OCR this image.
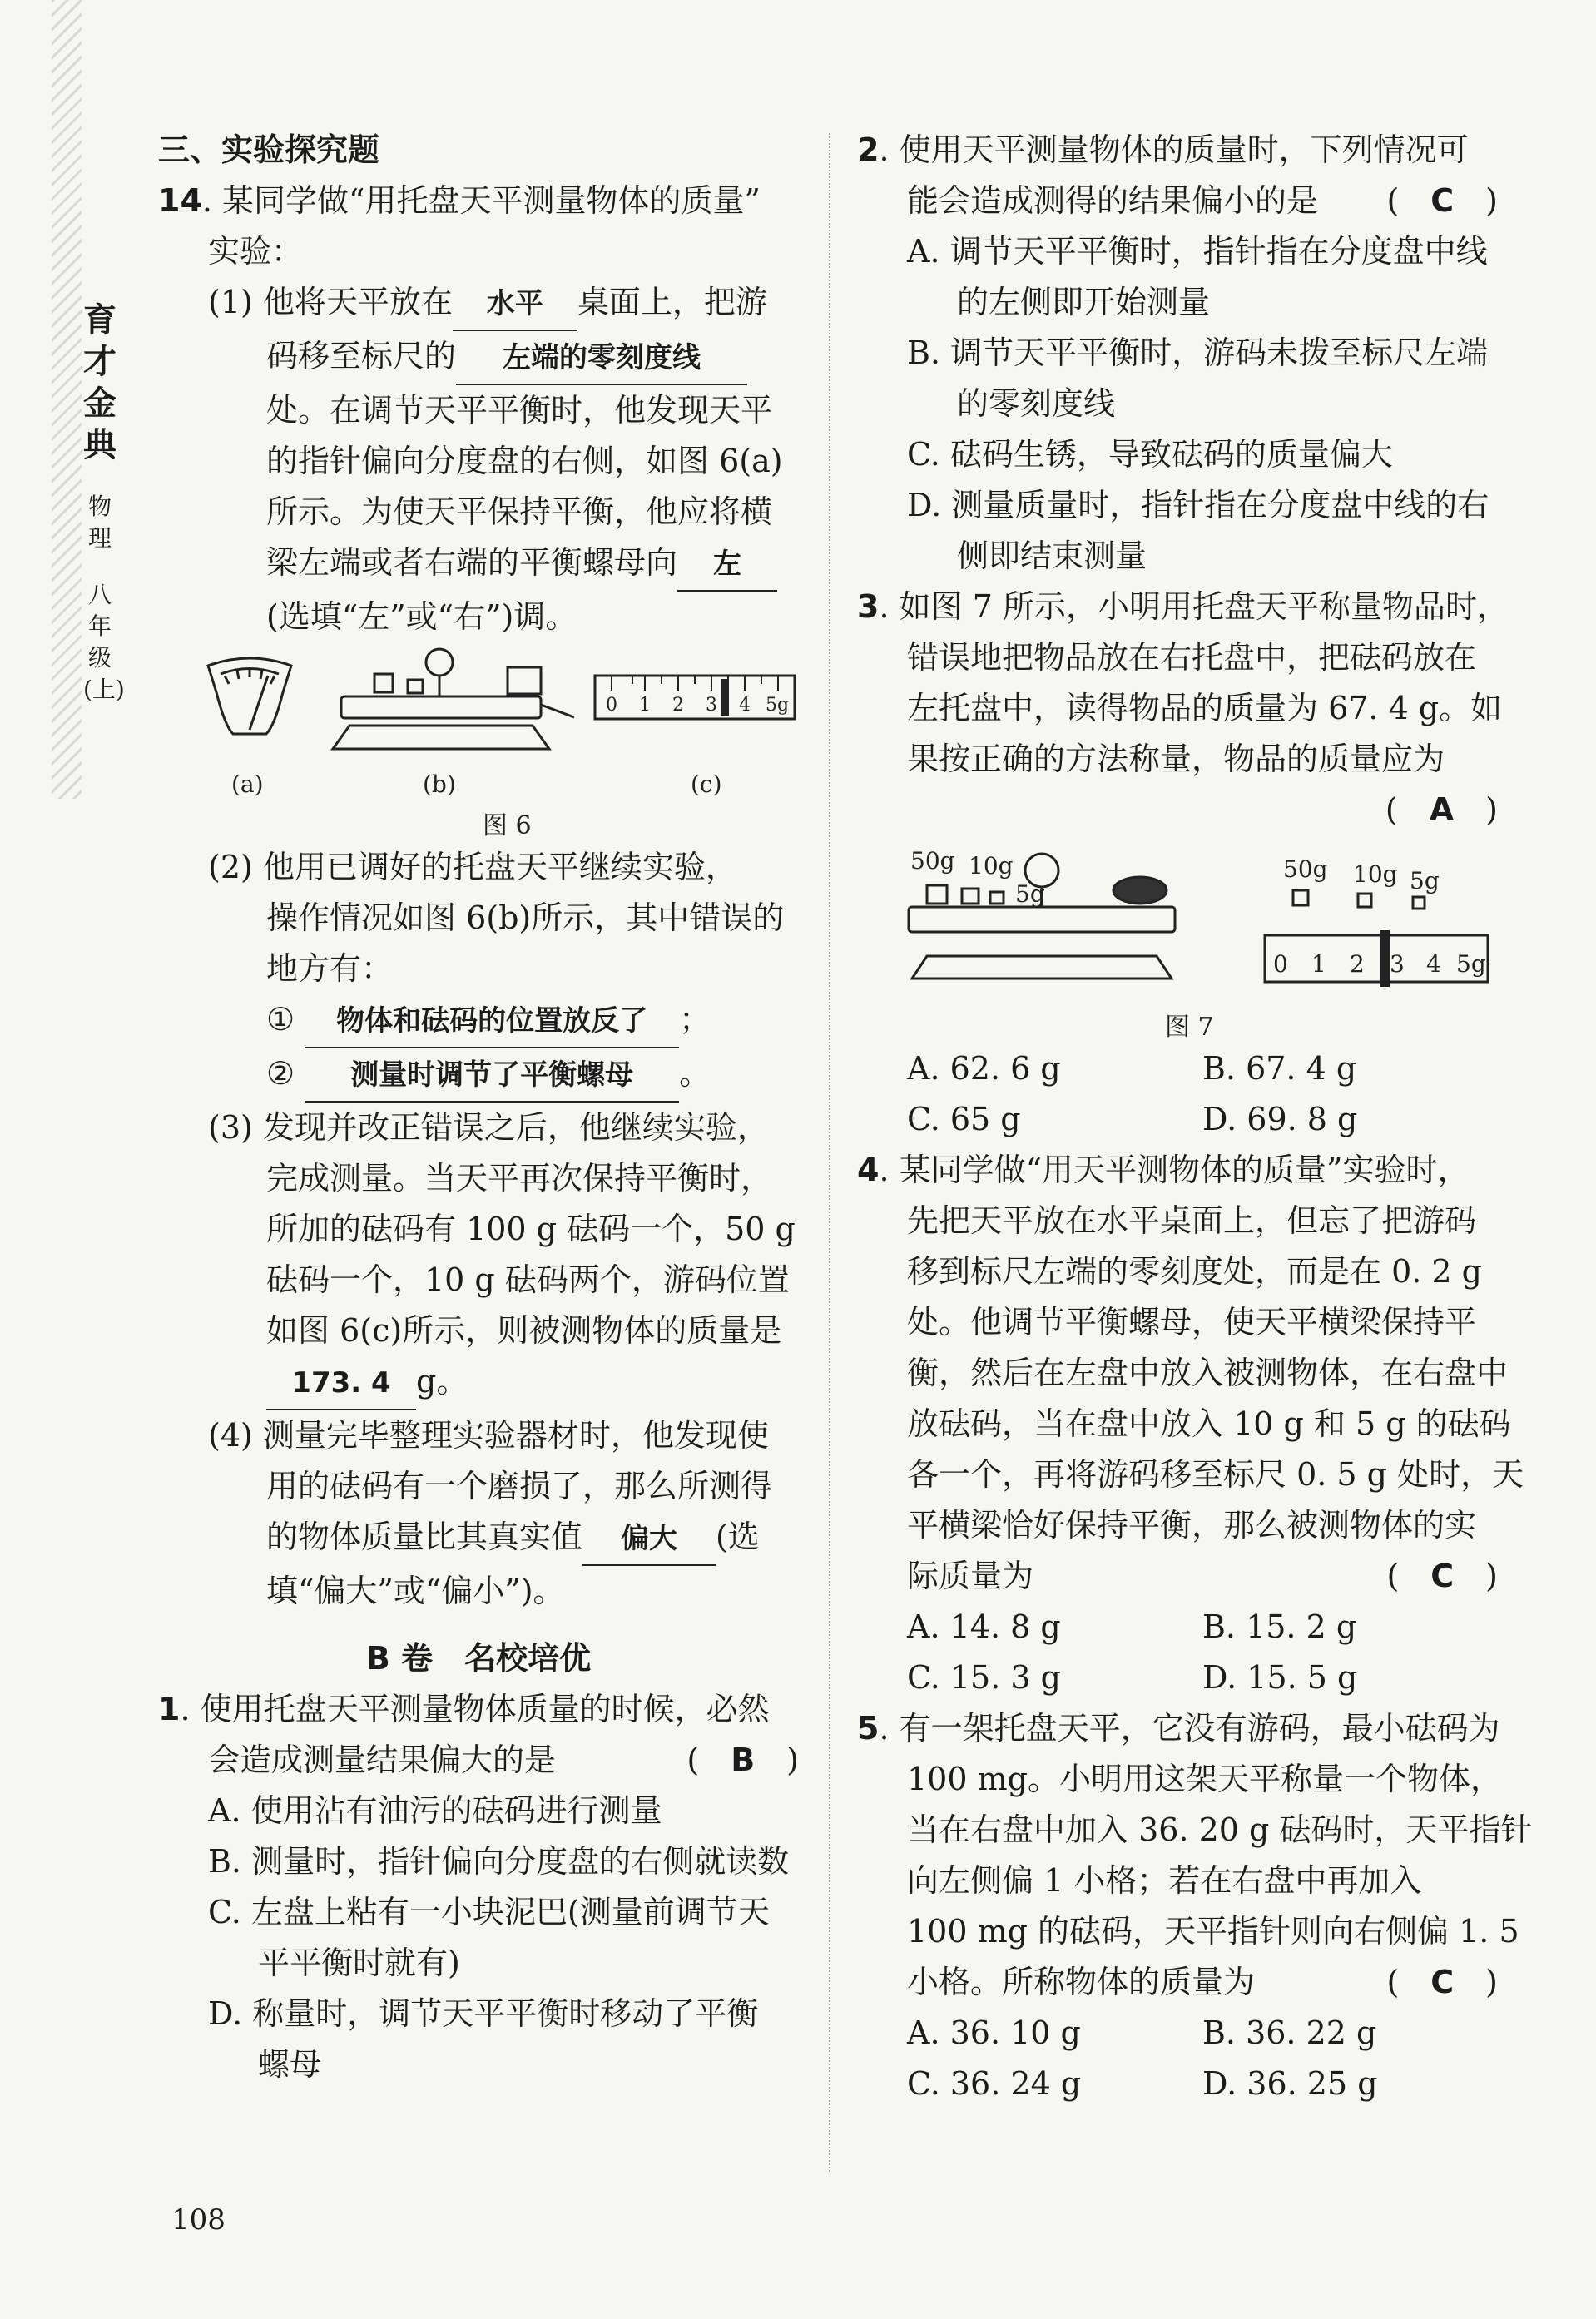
育
才
金
典
物
理
八
年
级
(上)
三、实验探究题
14. 某同学做“用托盘天平测量物体的质量”
实验：
(1) 他将天平放在 水平 桌面上，把游
码移至标尺的 左端的零刻度线
处。在调节天平平衡时，他发现天平
的指针偏向分度盘的右侧，如图 6(a)
所示。为使天平保持平衡，他应将横
梁左端或者右端的平衡螺母向 左
(选填“左”或“右”)调。
0 1 2 3 4 5g
(a)	(b)	(c)
图 6
(2) 他用已调好的托盘天平继续实验，
操作情况如图 6(b)所示，其中错误的
地方有：
① 物体和砝码的位置放反了 ；
② 测量时调节了平衡螺母 。
(3) 发现并改正错误之后，他继续实验，
完成测量。当天平再次保持平衡时，
所加的砝码有 100 g 砝码一个，50 g
砝码一个，10 g 砝码两个，游码位置
如图 6(c)所示，则被测物体的质量是
173. 4 g。
(4) 测量完毕整理实验器材时，他发现使
用的砝码有一个磨损了，那么所测得
的物体质量比其真实值 偏大 (选
填“偏大”或“偏小”)。
B 卷　名校培优
1. 使用托盘天平测量物体质量的时候，必然
会造成测量结果偏大的是	(　B　)
A. 使用沾有油污的砝码进行测量
B. 测量时，指针偏向分度盘的右侧就读数
C. 左盘上粘有一小块泥巴(测量前调节天
平平衡时就有)
D. 称量时，调节天平平衡时移动了平衡
螺母
2. 使用天平测量物体的质量时，下列情况可
能会造成测得的结果偏小的是 (　C　)
A. 调节天平平衡时，指针指在分度盘中线
的左侧即开始测量
B. 调节天平平衡时，游码未拨至标尺左端
的零刻度线
C. 砝码生锈，导致砝码的质量偏大
D. 测量质量时，指针指在分度盘中线的右
侧即结束测量
3. 如图 7 所示，小明用托盘天平称量物品时，
错误地把物品放在右托盘中，把砝码放在
左托盘中，读得物品的质量为 67. 4 g。如
果按正确的方法称量，物品的质量应为
(　A　)
50g 10g
5g
50g 10g 5g
0 1 2 3 4 5g
图 7
A. 62. 6 g	B. 67. 4 g
C. 65 g	D. 69. 8 g
4. 某同学做“用天平测物体的质量”实验时，
先把天平放在水平桌面上，但忘了把游码
移到标尺左端的零刻度处，而是在 0. 2 g
处。他调节平衡螺母，使天平横梁保持平
衡，然后在左盘中放入被测物体，在右盘中
放砝码，当在盘中放入 10 g 和 5 g 的砝码
各一个，再将游码移至标尺 0. 5 g 处时，天
平横梁恰好保持平衡，那么被测物体的实
际质量为	(　C　)
A. 14. 8 g	B. 15. 2 g
C. 15. 3 g	D. 15. 5 g
5. 有一架托盘天平，它没有游码，最小砝码为
100 mg。小明用这架天平称量一个物体，
当在右盘中加入 36. 20 g 砝码时，天平指针
向左侧偏 1 小格；若在右盘中再加入
100 mg 的砝码，天平指针则向右侧偏 1. 5
小格。所称物体的质量为	(　C　)
A. 36. 10 g	B. 36. 22 g
C. 36. 24 g	D. 36. 25 g
108
